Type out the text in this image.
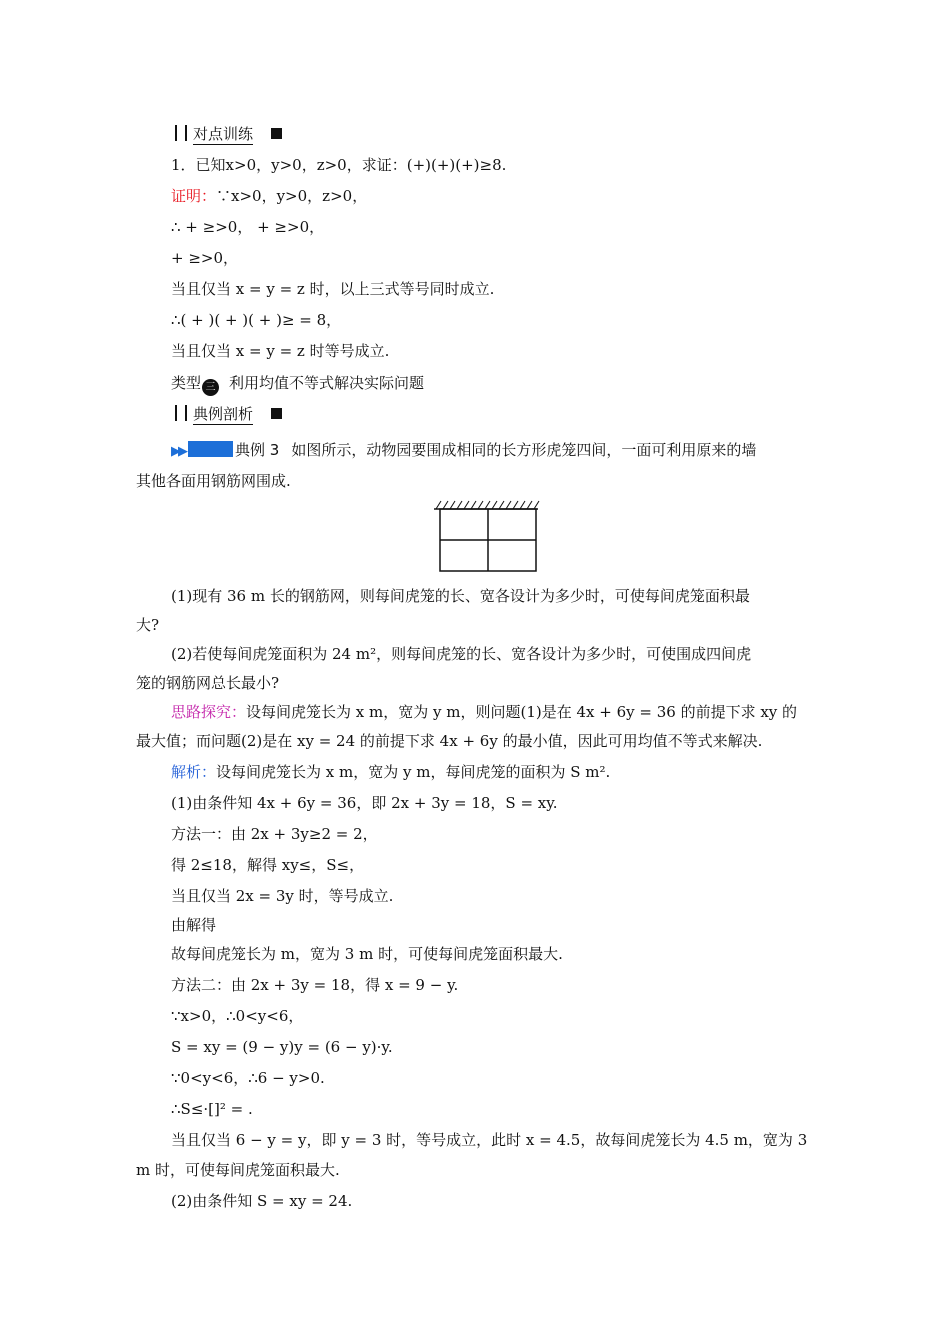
对点训练
1．已知x>0，y>0，z>0，求证：(+)(+)(+)≥8.
证明：∵x>0，y>0，z>0，
∴ + ≥>0， + ≥>0，
+ ≥>0，
当且仅当 x = y = z 时，以上三式等号同时成立.
∴( + )( + )( + )≥ = 8，
当且仅当 x = y = z 时等号成立.
类型 三 利用均值不等式解决实际问题
典例剖析
▶▶	典例 3 如图所示，动物园要围成相同的长方形虎笼四间，一面可利用原来的墙
其他各面用钢筋网围成.
(1)现有 36 m 长的钢筋网，则每间虎笼的长、宽各设计为多少时，可使每间虎笼面积最
大?
(2)若使每间虎笼面积为 24 m²，则每间虎笼的长、宽各设计为多少时，可使围成四间虎
笼的钢筋网总长最小?
思路探究：设每间虎笼长为 x m，宽为 y m，则问题(1)是在 4x + 6y = 36 的前提下求 xy 的
最大值；而问题(2)是在 xy = 24 的前提下求 4x + 6y 的最小值，因此可用均值不等式来解决.
解析：设每间虎笼长为 x m，宽为 y m，每间虎笼的面积为 S m².
(1)由条件知 4x + 6y = 36，即 2x + 3y = 18，S = xy.
方法一：由 2x + 3y≥2 = 2，
得 2≤18，解得 xy≤，S≤，
当且仅当 2x = 3y 时，等号成立.
由解得
故每间虎笼长为 m，宽为 3 m 时，可使每间虎笼面积最大.
方法二：由 2x + 3y = 18，得 x = 9 − y.
∵x>0，∴0<y<6，
S = xy = (9 − y)y = (6 − y)·y.
∵0<y<6，∴6 − y>0.
∴S≤·[]² = .
当且仅当 6 − y = y，即 y = 3 时，等号成立，此时 x = 4.5，故每间虎笼长为 4.5 m，宽为 3
m 时，可使每间虎笼面积最大.
(2)由条件知 S = xy = 24.
